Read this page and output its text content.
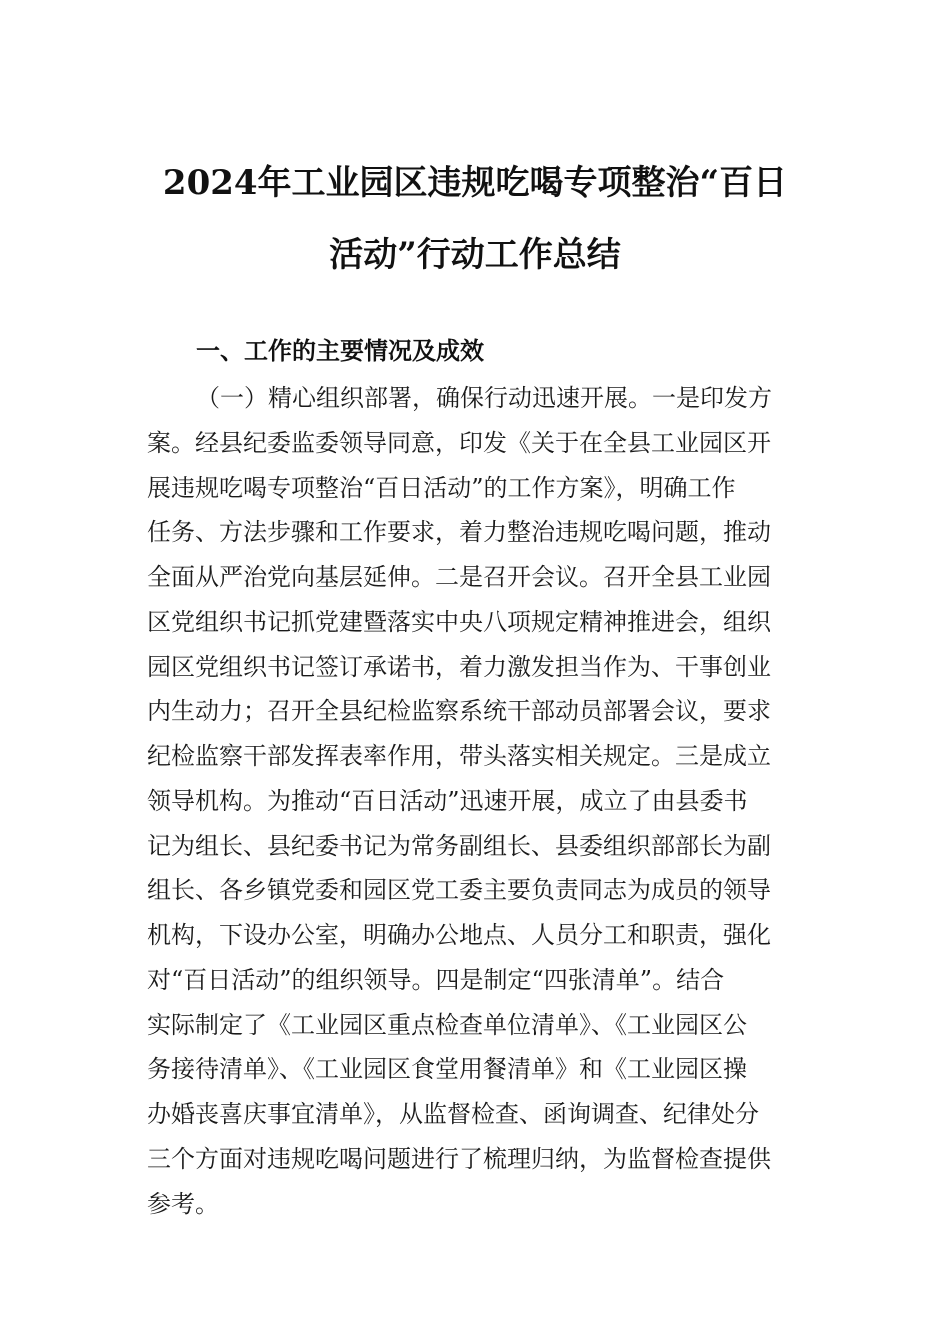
2024年工业园区违规吃喝专项整治“百日
活动”行动工作总结
一、工作的主要情况及成效
（一）精心组织部署，确保行动迅速开展。一是印发方
案。经县纪委监委领导同意，印发《关于在全县工业园区开
展违规吃喝专项整治“百日活动”的工作方案》，明确工作
任务、方法步骤和工作要求，着力整治违规吃喝问题，推动
全面从严治党向基层延伸。二是召开会议。召开全县工业园
区党组织书记抓党建暨落实中央八项规定精神推进会，组织
园区党组织书记签订承诺书，着力激发担当作为、干事创业
内生动力；召开全县纪检监察系统干部动员部署会议，要求
纪检监察干部发挥表率作用，带头落实相关规定。三是成立
领导机构。为推动“百日活动”迅速开展，成立了由县委书
记为组长、县纪委书记为常务副组长、县委组织部部长为副
组长、各乡镇党委和园区党工委主要负责同志为成员的领导
机构，下设办公室，明确办公地点、人员分工和职责，强化
对“百日活动”的组织领导。四是制定“四张清单”。结合
实际制定了《工业园区重点检查单位清单》、《工业园区公
务接待清单》、《工业园区食堂用餐清单》和《工业园区操
办婚丧喜庆事宜清单》，从监督检查、函询调查、纪律处分
三个方面对违规吃喝问题进行了梳理归纳，为监督检查提供
参考。
